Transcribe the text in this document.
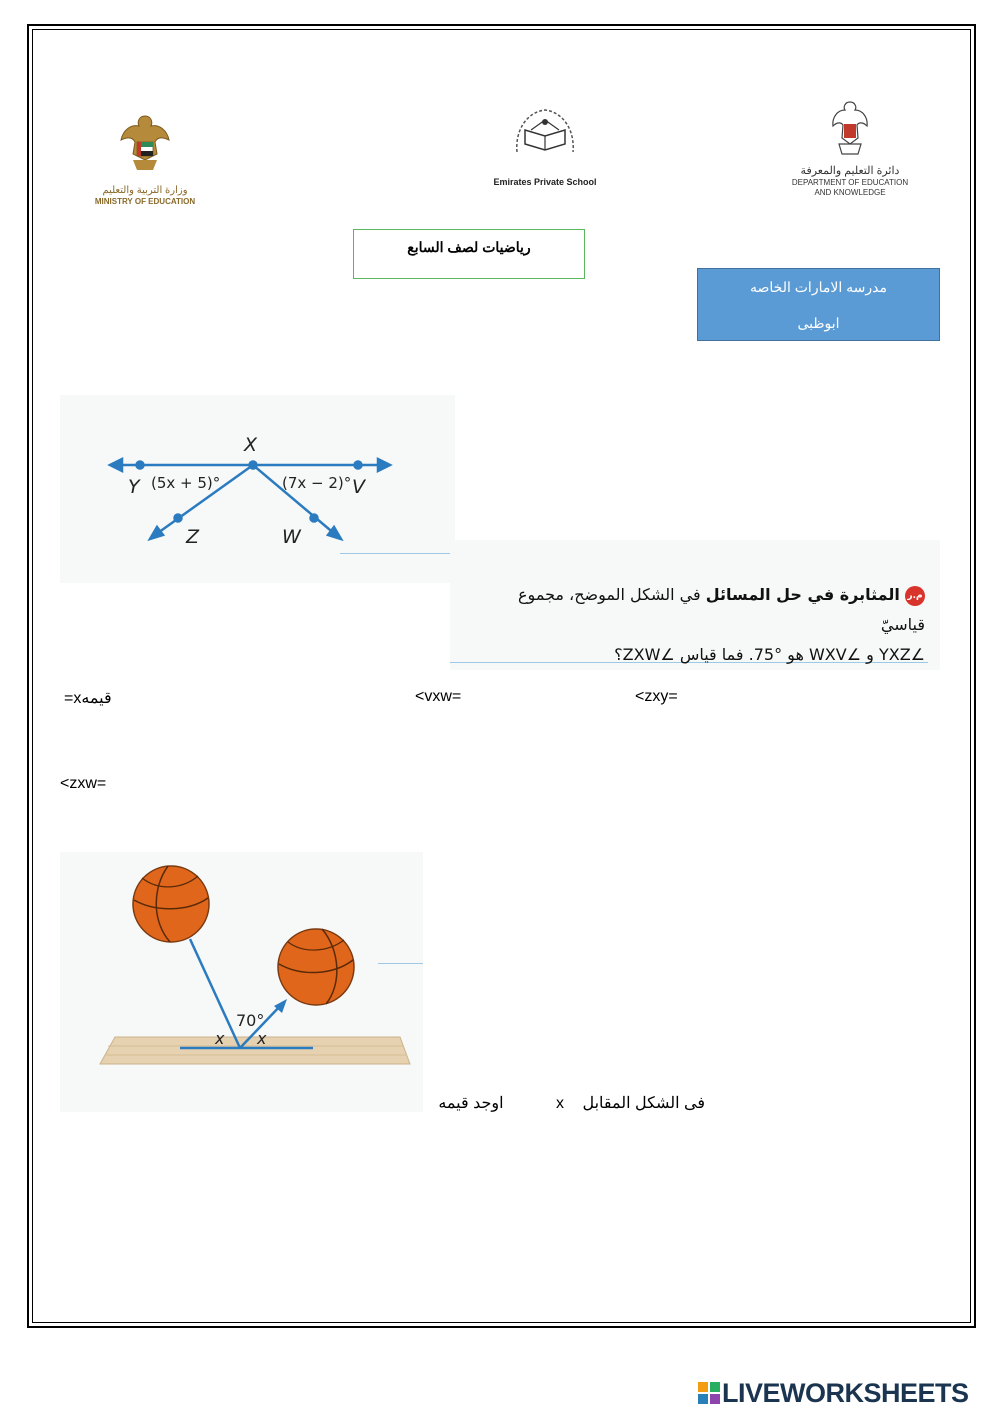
وزارة التربية والتعليم
MINISTRY OF EDUCATION
Emirates Private School
دائرة التعليم والمعرفة
DEPARTMENT OF EDUCATION
AND KNOWLEDGE
رياضيات لصف السابع
مدرسه الامارات الخاصه
ابوظبى
X
Y	V
Z	W
(5x + 5)°	(7x − 2)°
م.ر المثابرة في حل المسائل في الشكل الموضح، مجموع قياسيّ
∠YXZ و ∠WXV هو °75. فما قياس ∠ZXW؟
قيمهx=	<vxw=	<zxy=
<zxw=
70°
x x
فى الشكل المقابل x اوجد قيمه
LIVEWORKSHEETS
